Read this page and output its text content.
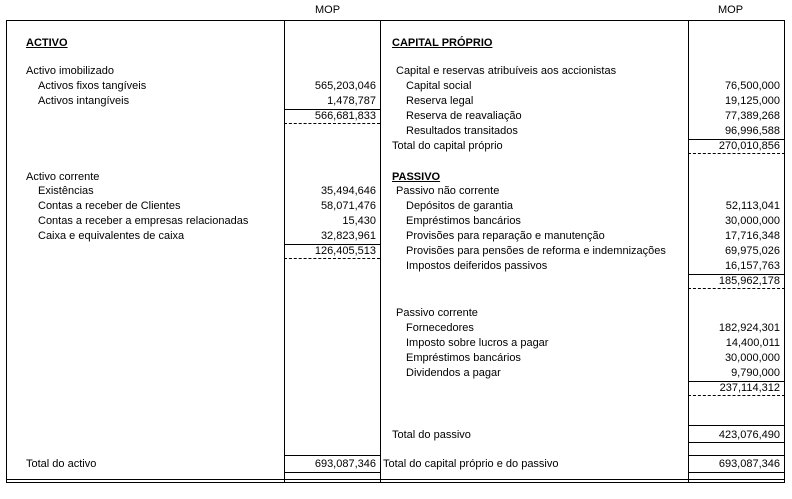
MOP	MOP
ACTIVO
Activo imobilizado
Activos fixos tangíveis	565,203,046
Activos intangíveis	1,478,787
566,681,833
Activo corrente
Existências	35,494,646
Contas a receber de Clientes	58,071,476
Contas a receber a empresas relacionadas	15,430
Caixa e equivalentes de caixa	32,823,961
126,405,513
Total do activo	693,087,346
CAPITAL PRÓPRIO
Capital e reservas atribuíveis aos accionistas
Capital social	76,500,000
Reserva legal	19,125,000
Reserva de reavaliação	77,389,268
Resultados transitados	96,996,588
Total do capital próprio	270,010,856
PASSIVO
Passivo não corrente
Depósitos de garantia	52,113,041
Empréstimos bancários	30,000,000
Provisões para reparação e manutenção	17,716,348
Provisões para pensões de reforma e indemnizações	69,975,026
Impostos deiferidos passivos	16,157,763
185,962,178
Passivo corrente
Fornecedores	182,924,301
Imposto sobre lucros a pagar	14,400,011
Empréstimos bancários	30,000,000
Dividendos a pagar	9,790,000
237,114,312
Total do passivo	423,076,490
Total do capital próprio e do passivo	693,087,346
